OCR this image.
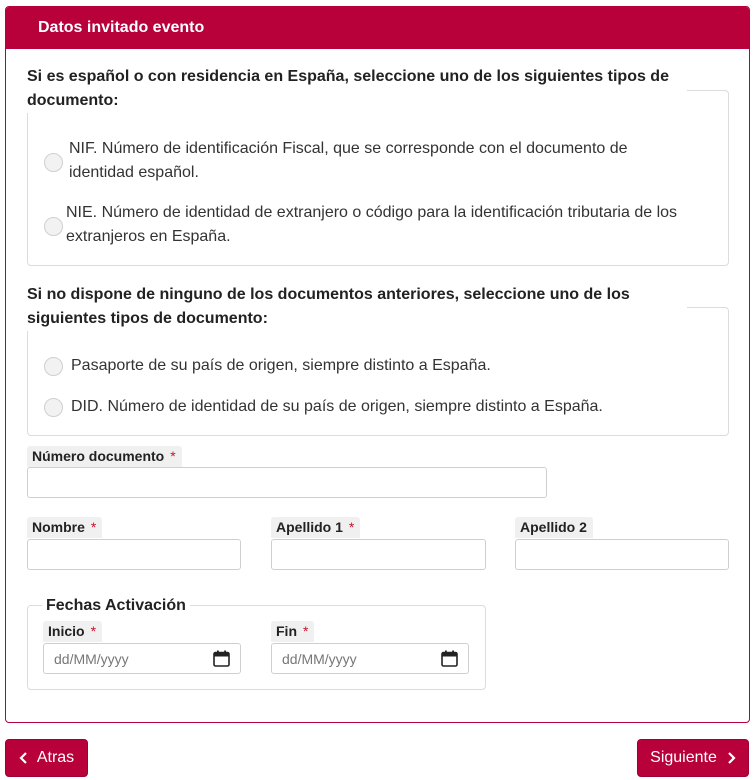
Datos invitado evento
Si es español o con residencia en España, seleccione uno de los siguientes tipos de
documento:
NIF. Número de identificación Fiscal, que se corresponde con el documento de
identidad español.
NIE. Número de identidad de extranjero o código para la identificación tributaria de los
extranjeros en España.
Si no dispone de ninguno de los documentos anteriores, seleccione uno de los
siguientes tipos de documento:
Pasaporte de su país de origen, siempre distinto a España.
DID. Número de identidad de su país de origen, siempre distinto a España.
Número documento *
Nombre *	Apellido 1 *	Apellido 2
Fechas Activación
Inicio *
dd/MM/yyyy
Fin *
dd/MM/yyyy
Atras	Siguiente
